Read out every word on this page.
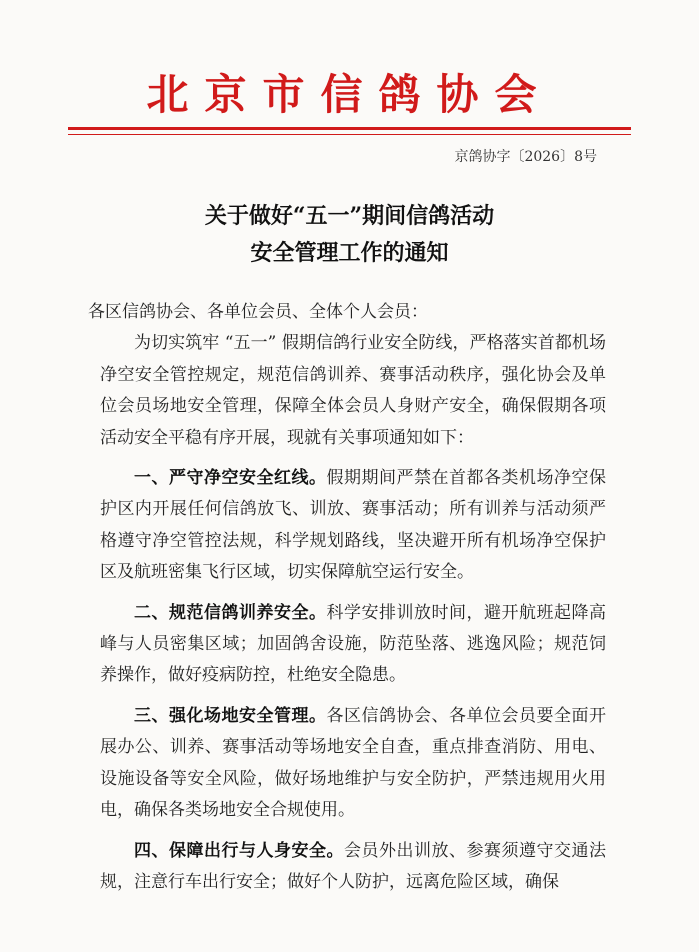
北京市信鸽协会
京鸽协字〔2026〕8号
关于做好“五一”期间信鸽活动
安全管理工作的通知

各区信鸽协会、各单位会员、全体个人会员：

为切实筑牢 “五一” 假期信鸽行业安全防线，严格落实首都机场净空安全管控规定，规范信鸽训养、赛事活动秩序，强化协会及单位会员场地安全管理，保障全体会员人身财产安全，确保假期各项活动安全平稳有序开展，现就有关事项通知如下：

一、严守净空安全红线。假期期间严禁在首都各类机场净空保护区内开展任何信鸽放飞、训放、赛事活动；所有训养与活动须严格遵守净空管控法规，科学规划路线，坚决避开所有机场净空保护区及航班密集飞行区域，切实保障航空运行安全。

二、规范信鸽训养安全。科学安排训放时间，避开航班起降高峰与人员密集区域；加固鸽舍设施，防范坠落、逃逸风险；规范饲养操作，做好疫病防控，杜绝安全隐患。

三、强化场地安全管理。各区信鸽协会、各单位会员要全面开展办公、训养、赛事活动等场地安全自查，重点排查消防、用电、设施设备等安全风险，做好场地维护与安全防护，严禁违规用火用电，确保各类场地安全合规使用。

四、保障出行与人身安全。会员外出训放、参赛须遵守交通法规，注意行车出行安全；做好个人防护，远离危险区域，确保
